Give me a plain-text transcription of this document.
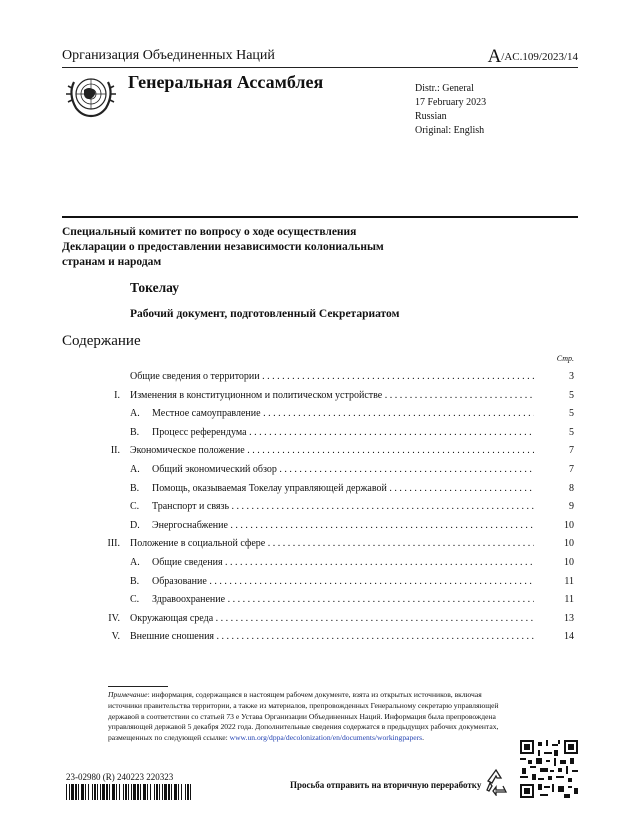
Организация Объединенных Наций	A/AC.109/2023/14
Генеральная Ассамблея	Distr.: General
17 February 2023
Russian
Original: English
Специальный комитет по вопросу о ходе осуществления Декларации о предоставлении независимости колониальным странам и народам
Токелау
Рабочий документ, подготовленный Секретариатом
Содержание
Стр.
Общие сведения о территории . . .	3
I. Изменения в конституционном и политическом устройстве . . .	5
A. Местное самоуправление . . .	5
B. Процесс референдума . . .	5
II. Экономическое положение . . .	7
A. Общий экономический обзор . . .	7
B. Помощь, оказываемая Токелау управляющей державой . . .	8
C. Транспорт и связь . . .	9
D. Энергоснабжение . . .	10
III. Положение в социальной сфере . . .	10
A. Общие сведения . . .	10
B. Образование . . .	11
C. Здравоохранение . . .	11
IV. Окружающая среда . . .	13
V. Внешние сношения . . .	14
Примечание: информация, содержащаяся в настоящем рабочем документе, взята из открытых источников, включая источники правительства территории, а также из материалов, препровожденных Генеральному секретарю управляющей державой в соответствии со статьей 73 e Устава Организации Объединенных Наций. Информация была препровождена управляющей державой 5 декабря 2022 года. Дополнительные сведения содержатся в предыдущих рабочих документах, размещенных по следующей ссылке: www.un.org/dppa/decolonization/en/documents/workingpapers.
23-02980 (R) 240223 220323
Просьба отправить на вторичную переработку
